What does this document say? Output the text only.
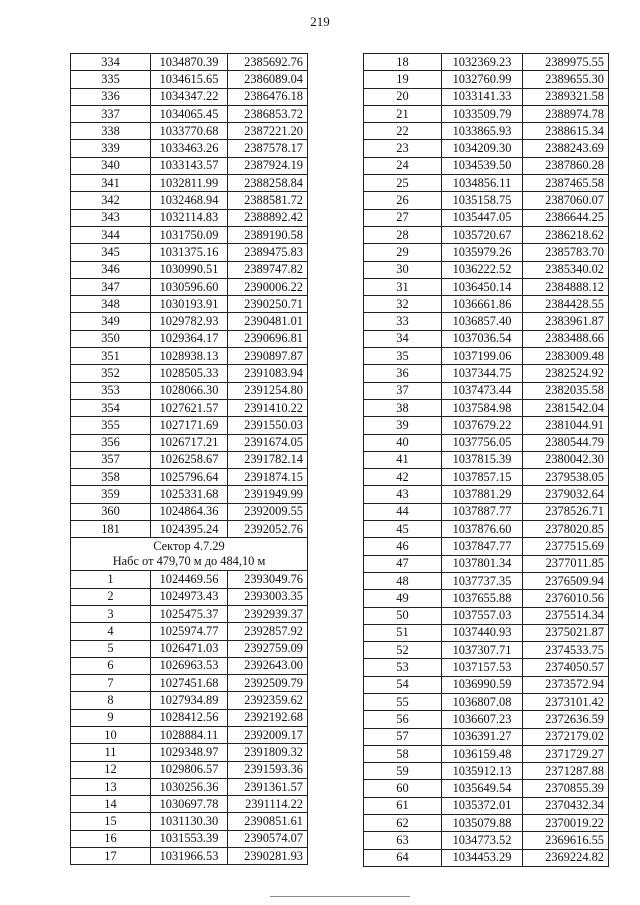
219
334	1034870.39	2385692.76
335	1034615.65	2386089.04
336	1034347.22	2386476.18
337	1034065.45	2386853.72
338	1033770.68	2387221.20
339	1033463.26	2387578.17
340	1033143.57	2387924.19
341	1032811.99	2388258.84
342	1032468.94	2388581.72
343	1032114.83	2388892.42
344	1031750.09	2389190.58
345	1031375.16	2389475.83
346	1030990.51	2389747.82
347	1030596.60	2390006.22
348	1030193.91	2390250.71
349	1029782.93	2390481.01
350	1029364.17	2390696.81
351	1028938.13	2390897.87
352	1028505.33	2391083.94
353	1028066.30	2391254.80
354	1027621.57	2391410.22
355	1027171.69	2391550.03
356	1026717.21	2391674.05
357	1026258.67	2391782.14
358	1025796.64	2391874.15
359	1025331.68	2391949.99
360	1024864.36	2392009.55
181	1024395.24	2392052.76

Сектор 4.7.29
Набс от 479,70 м до 484,10 м		

1	1024469.56	2393049.76
2	1024973.43	2393003.35
3	1025475.37	2392939.37
4	1025974.77	2392857.92
5	1026471.03	2392759.09
6	1026963.53	2392643.00
7	1027451.68	2392509.79
8	1027934.89	2392359.62
9	1028412.56	2392192.68
10	1028884.11	2392009.17
11	1029348.97	2391809.32
12	1029806.57	2391593.36
13	1030256.36	2391361.57
14	1030697.78	2391114.22
15	1031130.30	2390851.61
16	1031553.39	2390574.07
17	1031966.53	2390281.93
18	1032369.23	2389975.55
19	1032760.99	2389655.30
20	1033141.33	2389321.58
21	1033509.79	2388974.78
22	1033865.93	2388615.34
23	1034209.30	2388243.69
24	1034539.50	2387860.28
25	1034856.11	2387465.58
26	1035158.75	2387060.07
27	1035447.05	2386644.25
28	1035720.67	2386218.62
29	1035979.26	2385783.70
30	1036222.52	2385340.02
31	1036450.14	2384888.12
32	1036661.86	2384428.55
33	1036857.40	2383961.87
34	1037036.54	2383488.66
35	1037199.06	2383009.48
36	1037344.75	2382524.92
37	1037473.44	2382035.58
38	1037584.98	2381542.04
39	1037679.22	2381044.91
40	1037756.05	2380544.79
41	1037815.39	2380042.30
42	1037857.15	2379538.05
43	1037881.29	2379032.64
44	1037887.77	2378526.71
45	1037876.60	2378020.85
46	1037847.77	2377515.69
47	1037801.34	2377011.85
48	1037737.35	2376509.94
49	1037655.88	2376010.56
50	1037557.03	2375514.34
51	1037440.93	2375021.87
52	1037307.71	2374533.75
53	1037157.53	2374050.57
54	1036990.59	2373572.94
55	1036807.08	2373101.42
56	1036607.23	2372636.59
57	1036391.27	2372179.02
58	1036159.48	2371729.27
59	1035912.13	2371287.88
60	1035649.54	2370855.39
61	1035372.01	2370432.34
62	1035079.88	2370019.22
63	1034773.52	2369616.55
64	1034453.29	2369224.82
